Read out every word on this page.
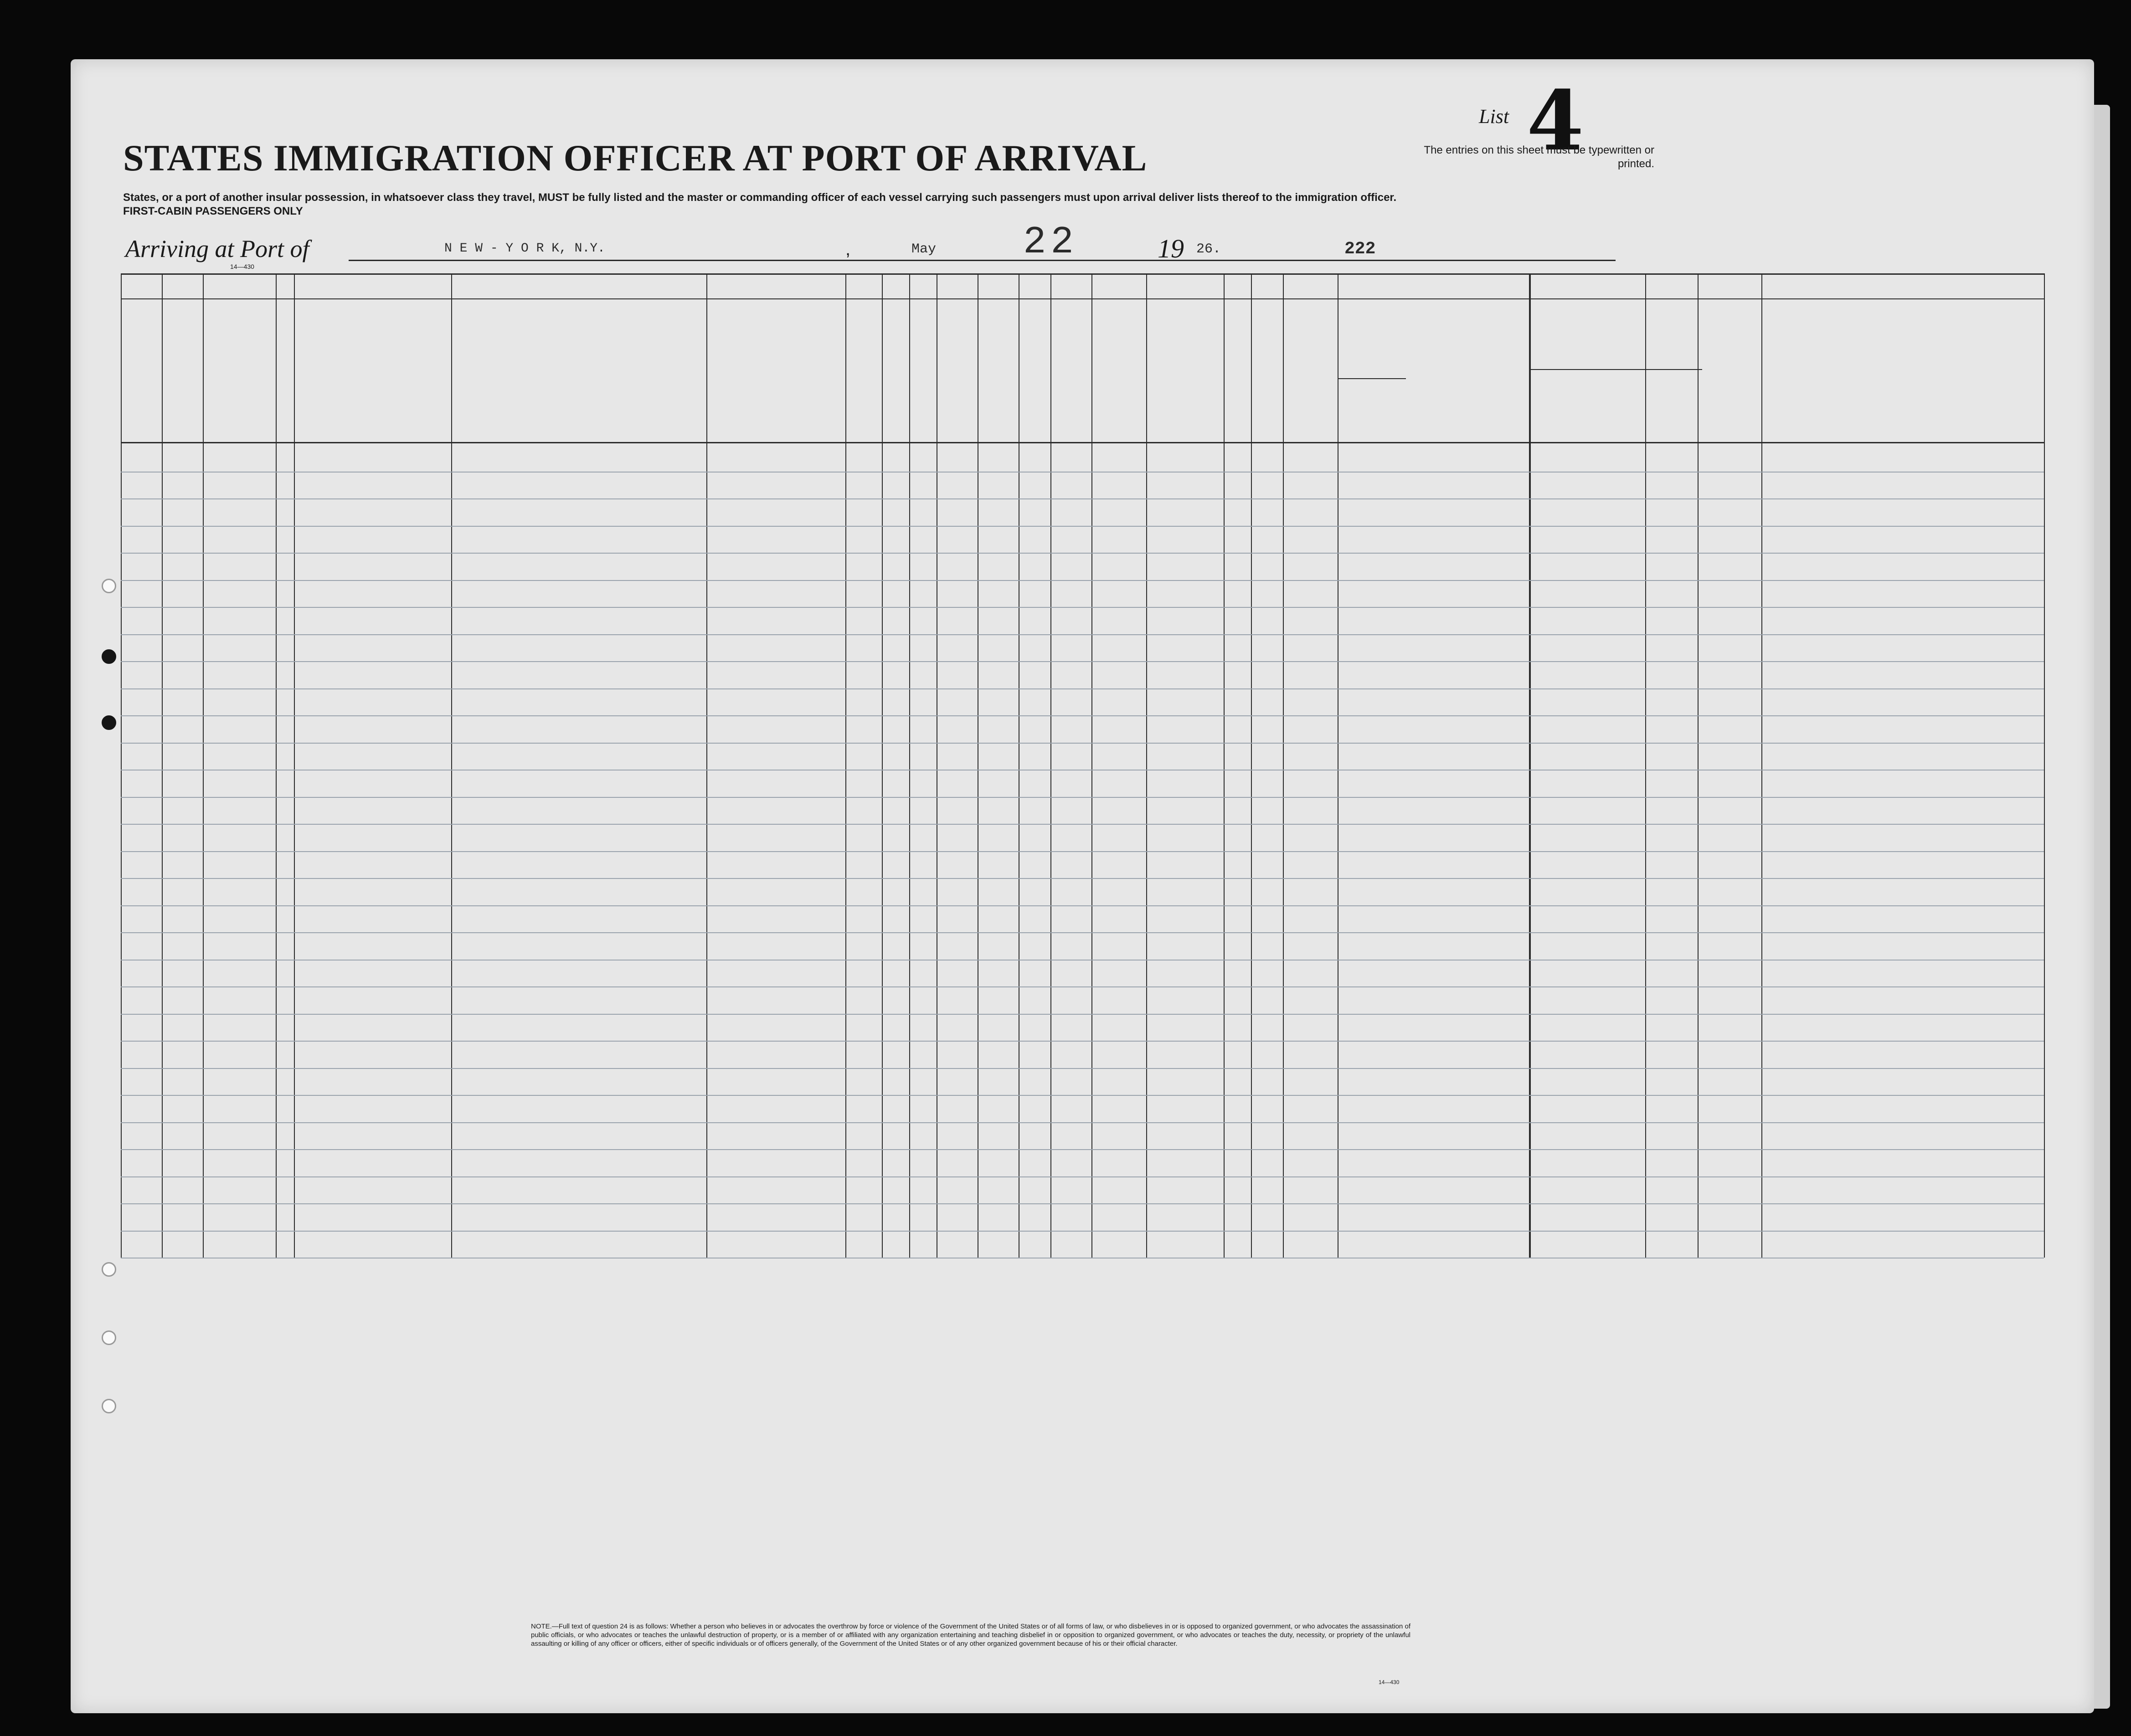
STATES IMMIGRATION OFFICER AT PORT OF ARRIVAL
States, or a port of another insular possession, in whatsoever class they travel, MUST be fully listed and the master or commanding officer of each vessel carrying such passengers must upon arrival deliver lists thereof to the immigration officer.
FIRST-CABIN PASSENGERS ONLY
14—430
List 4
The entries on this sheet must be typewritten or printed.
Arriving at Port of	N E W - Y O R K, N.Y.	,	May 22	19 26.	222
NOTE.—Full text of question 24 is as follows: Whether a person who believes in or advocates the overthrow by force or violence of the Government of the United States or of all forms of law, or who disbelieves in or is opposed to organized government, or who advocates the assassination of public officials, or who advocates or teaches the unlawful destruction of property, or is a member of or affiliated with any organization entertaining and teaching disbelief in or opposition to organized government, or who advocates or teaches the duty, necessity, or propriety of the unlawful assaulting or killing of any officer or officers, either of specific individuals or of officers generally, of the Government of the United States or of any other organized government because of his or their official character.
14—430
